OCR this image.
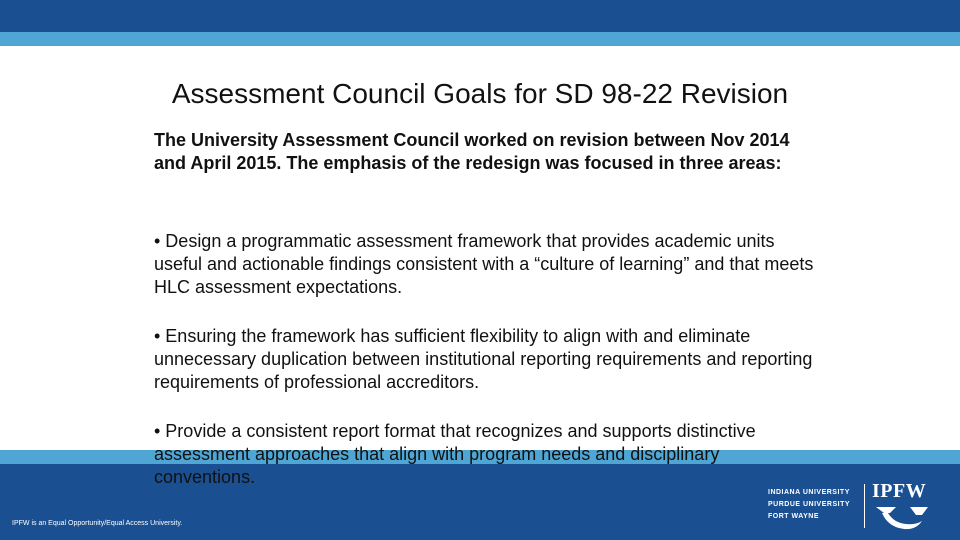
Assessment Council Goals for SD 98-22 Revision
The University Assessment Council worked on revision between Nov 2014 and April 2015. The emphasis of the redesign was focused in three areas:
• Design a programmatic assessment framework that provides academic units useful and actionable findings consistent with a “culture of learning” and that meets HLC assessment expectations.
• Ensuring the framework has sufficient flexibility to align with and eliminate unnecessary duplication between institutional reporting requirements and reporting requirements of professional accreditors.
• Provide a consistent report format that recognizes and supports distinctive assessment approaches that align with program needs and disciplinary conventions.
IPFW is an Equal Opportunity/Equal Access University.
INDIANA UNIVERSITY
PURDUE UNIVERSITY
FORT WAYNE
IPFW
